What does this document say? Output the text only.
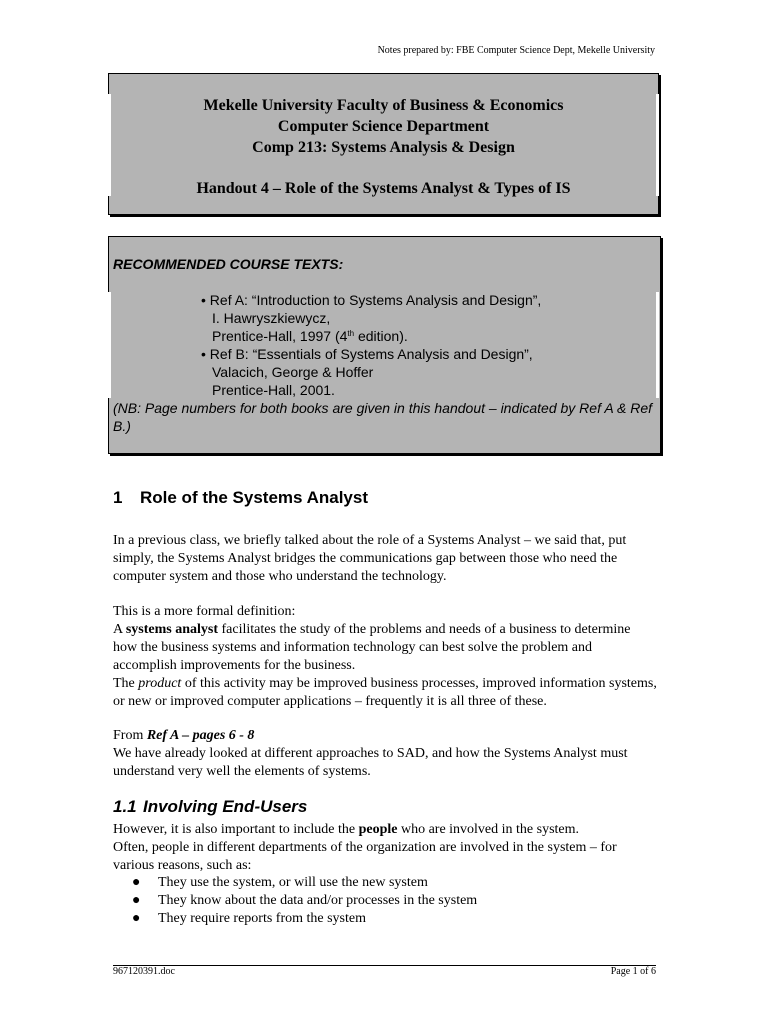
Notes prepared by: FBE Computer Science Dept, Mekelle University
Mekelle University Faculty of Business & Economics
Computer Science Department
Comp 213: Systems Analysis & Design
Handout 4 – Role of the Systems Analyst & Types of IS
RECOMMENDED COURSE TEXTS:
• Ref A: “Introduction to Systems Analysis and Design”,
I. Hawryszkiewycz,
Prentice-Hall, 1997 (4th edition).
• Ref B: “Essentials of Systems Analysis and Design”,
Valacich, George & Hoffer
Prentice-Hall, 2001.
(NB: Page numbers for both books are given in this handout – indicated by Ref A & Ref B.)
1 Role of the Systems Analyst
In a previous class, we briefly talked about the role of a Systems Analyst – we said that, put simply, the Systems Analyst bridges the communications gap between those who need the computer system and those who understand the technology.
This is a more formal definition:
A systems analyst facilitates the study of the problems and needs of a business to determine how the business systems and information technology can best solve the problem and accomplish improvements for the business.
The product of this activity may be improved business processes, improved information systems, or new or improved computer applications – frequently it is all three of these.
From Ref A – pages 6 - 8
We have already looked at different approaches to SAD, and how the Systems Analyst must understand very well the elements of systems.
1.1 Involving End-Users
However, it is also important to include the people who are involved in the system.
Often, people in different departments of the organization are involved in the system – for various reasons, such as:
● They use the system, or will use the new system
● They know about the data and/or processes in the system
● They require reports from the system
967120391.doc	Page 1 of 6
